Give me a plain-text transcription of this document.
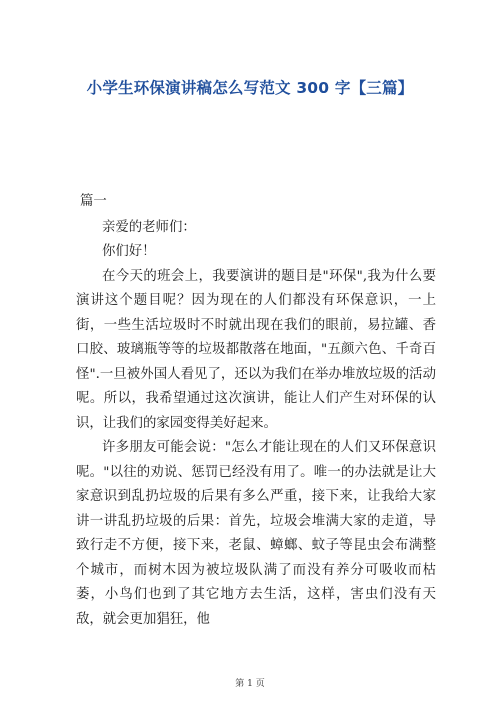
小学生环保演讲稿怎么写范文 300 字【三篇】
篇一

亲爱的老师们：

你们好！

在今天的班会上，我要演讲的题目是"环保",我为什么要演讲这个题目呢？因为现在的人们都没有环保意识，一上街，一些生活垃圾时不时就出现在我们的眼前，易拉罐、香口胶、玻璃瓶等等的垃圾都散落在地面，"五颜六色、千奇百怪".一旦被外国人看见了，还以为我们在举办堆放垃圾的活动呢。所以，我希望通过这次演讲，能让人们产生对环保的认识，让我们的家园变得美好起来。

许多朋友可能会说："怎么才能让现在的人们又环保意识呢。"以往的劝说、惩罚已经没有用了。唯一的办法就是让大家意识到乱扔垃圾的后果有多么严重，接下来，让我给大家讲一讲乱扔垃圾的后果：首先，垃圾会堆满大家的走道，导致行走不方便，接下来，老鼠、蟑螂、蚊子等昆虫会布满整个城市，而树木因为被垃圾队满了而没有养分可吸收而枯萎，小鸟们也到了其它地方去生活，这样，害虫们没有天敌，就会更加猖狂，他

第 1 页
